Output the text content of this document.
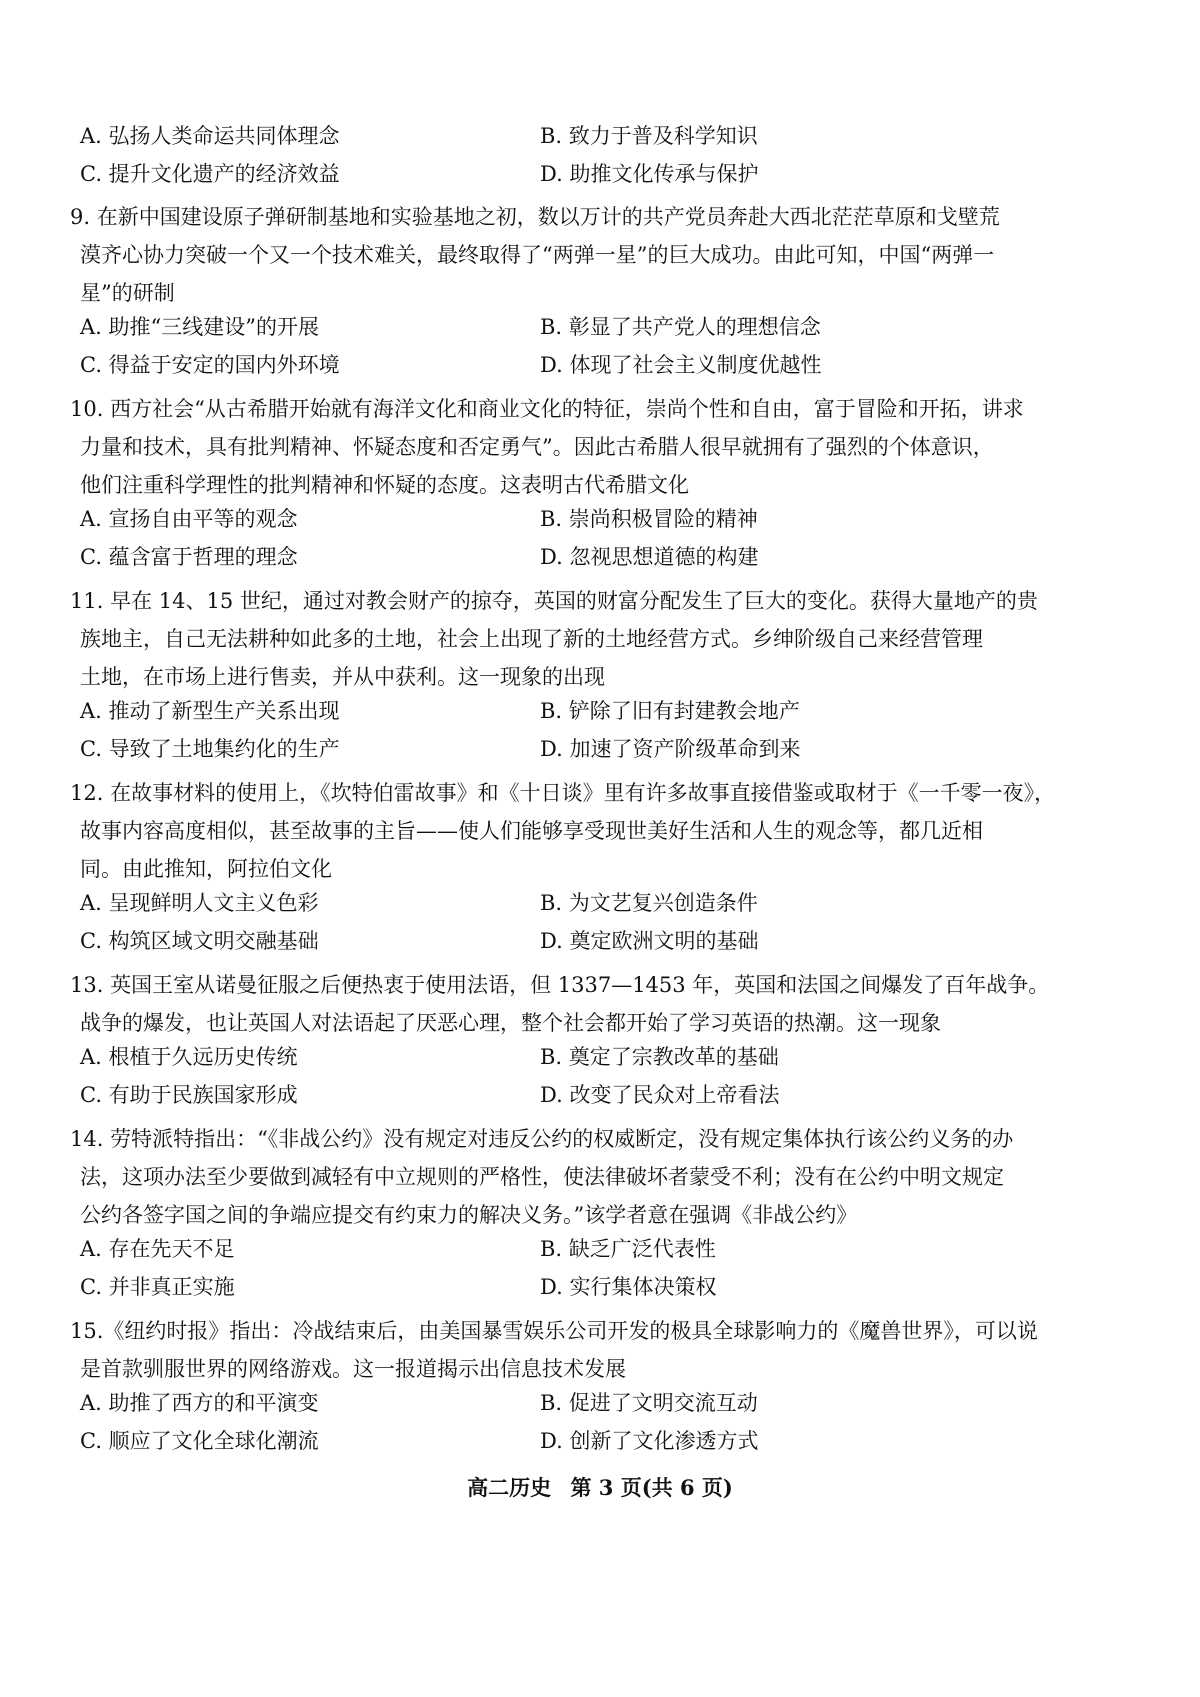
A. 弘扬人类命运共同体理念	B. 致力于普及科学知识
C. 提升文化遗产的经济效益	D. 助推文化传承与保护
9. 在新中国建设原子弹研制基地和实验基地之初，数以万计的共产党员奔赴大西北茫茫草原和戈壁荒
漠齐心协力突破一个又一个技术难关，最终取得了“两弹一星”的巨大成功。由此可知，中国“两弹一
星”的研制
A. 助推“三线建设”的开展	B. 彰显了共产党人的理想信念
C. 得益于安定的国内外环境	D. 体现了社会主义制度优越性
10. 西方社会“从古希腊开始就有海洋文化和商业文化的特征，崇尚个性和自由，富于冒险和开拓，讲求
力量和技术，具有批判精神、怀疑态度和否定勇气”。因此古希腊人很早就拥有了强烈的个体意识，
他们注重科学理性的批判精神和怀疑的态度。这表明古代希腊文化
A. 宣扬自由平等的观念	B. 崇尚积极冒险的精神
C. 蕴含富于哲理的理念	D. 忽视思想道德的构建
11. 早在 14、15 世纪，通过对教会财产的掠夺，英国的财富分配发生了巨大的变化。获得大量地产的贵
族地主，自己无法耕种如此多的土地，社会上出现了新的土地经营方式。乡绅阶级自己来经营管理
土地，在市场上进行售卖，并从中获利。这一现象的出现
A. 推动了新型生产关系出现	B. 铲除了旧有封建教会地产
C. 导致了土地集约化的生产	D. 加速了资产阶级革命到来
12. 在故事材料的使用上，《坎特伯雷故事》和《十日谈》里有许多故事直接借鉴或取材于《一千零一夜》，
故事内容高度相似，甚至故事的主旨——使人们能够享受现世美好生活和人生的观念等，都几近相
同。由此推知，阿拉伯文化
A. 呈现鲜明人文主义色彩	B. 为文艺复兴创造条件
C. 构筑区域文明交融基础	D. 奠定欧洲文明的基础
13. 英国王室从诺曼征服之后便热衷于使用法语，但 1337—1453 年，英国和法国之间爆发了百年战争。
战争的爆发，也让英国人对法语起了厌恶心理，整个社会都开始了学习英语的热潮。这一现象
A. 根植于久远历史传统	B. 奠定了宗教改革的基础
C. 有助于民族国家形成	D. 改变了民众对上帝看法
14. 劳特派特指出：“《非战公约》没有规定对违反公约的权威断定，没有规定集体执行该公约义务的办
法，这项办法至少要做到减轻有中立规则的严格性，使法律破坏者蒙受不利；没有在公约中明文规定
公约各签字国之间的争端应提交有约束力的解决义务。”该学者意在强调《非战公约》
A. 存在先天不足	B. 缺乏广泛代表性
C. 并非真正实施	D. 实行集体决策权
15.《纽约时报》指出：冷战结束后，由美国暴雪娱乐公司开发的极具全球影响力的《魔兽世界》，可以说
是首款驯服世界的网络游戏。这一报道揭示出信息技术发展
A. 助推了西方的和平演变	B. 促进了文明交流互动
C. 顺应了文化全球化潮流	D. 创新了文化渗透方式
高二历史 第 3 页(共 6 页)
